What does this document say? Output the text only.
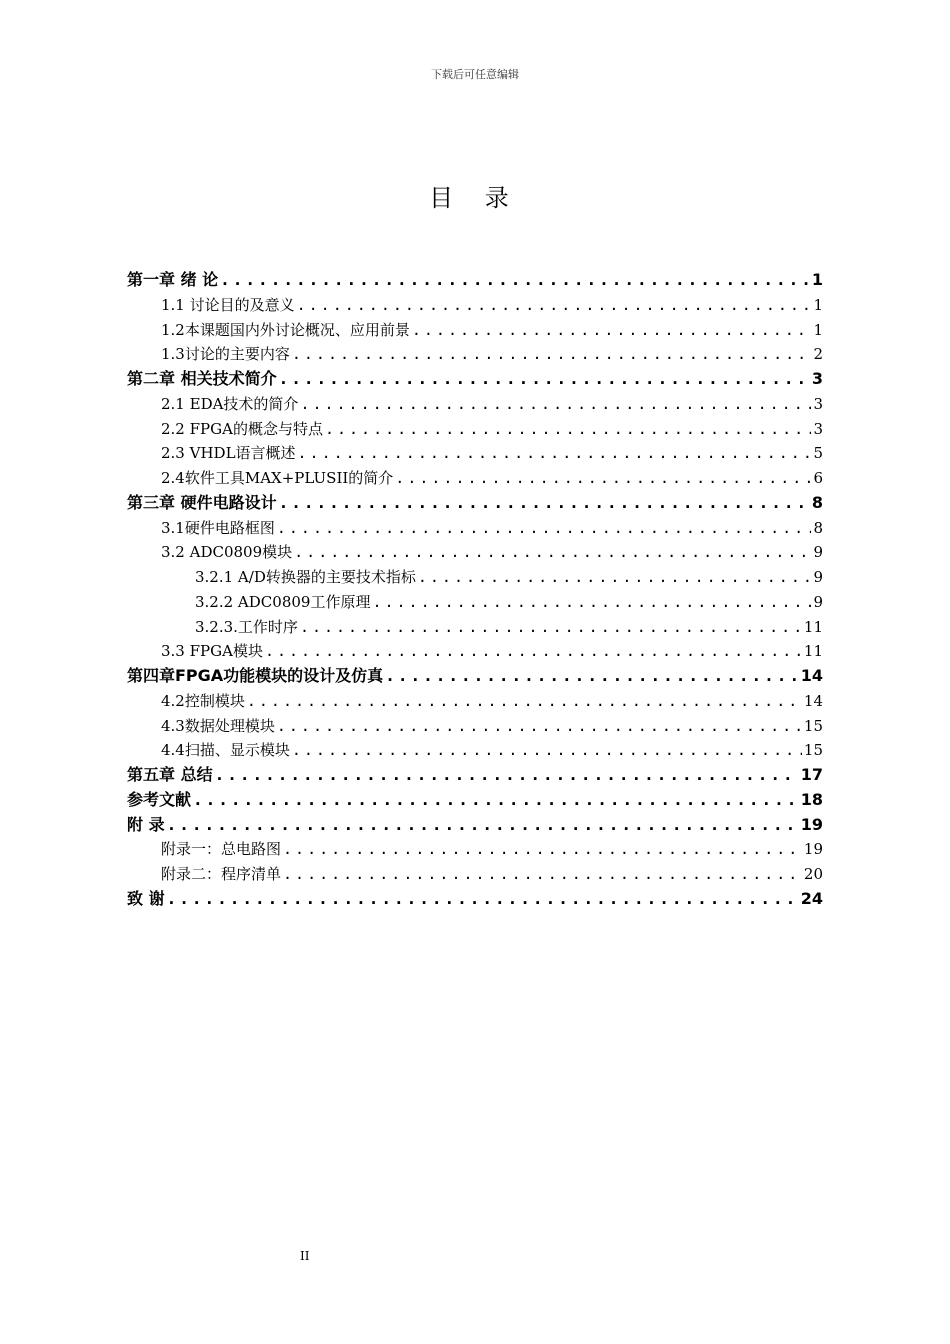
下载后可任意编辑
目 录
第一章 绪 论 .....	1
1.1 讨论目的及意义 .....	1
1.2本课题国内外讨论概况、应用前景 .....	1
1.3讨论的主要内容 .....	2
第二章 相关技术简介 .....	3
2.1 EDA技术的简介 .....	3
2.2 FPGA的概念与特点 .....	3
2.3 VHDL语言概述 .....	5
2.4软件工具MAX+PLUSII的简介 .....	6
第三章 硬件电路设计 .....	8
3.1硬件电路框图 .....	8
3.2 ADC0809模块 .....	9
3.2.1 A/D转换器的主要技术指标 .....	9
3.2.2 ADC0809工作原理 .....	9
3.2.3.工作时序 .....	11
3.3 FPGA模块 .....	11
第四章FPGA功能模块的设计及仿真 .....	14
4.2控制模块 .....	14
4.3数据处理模块 .....	15
4.4扫描、显示模块 .....	15
第五章 总结 .....	17
参考文献 .....	18
附 录 .....	19
附录一：总电路图 .....	19
附录二：程序清单 .....	20
致 谢 .....	24
II
